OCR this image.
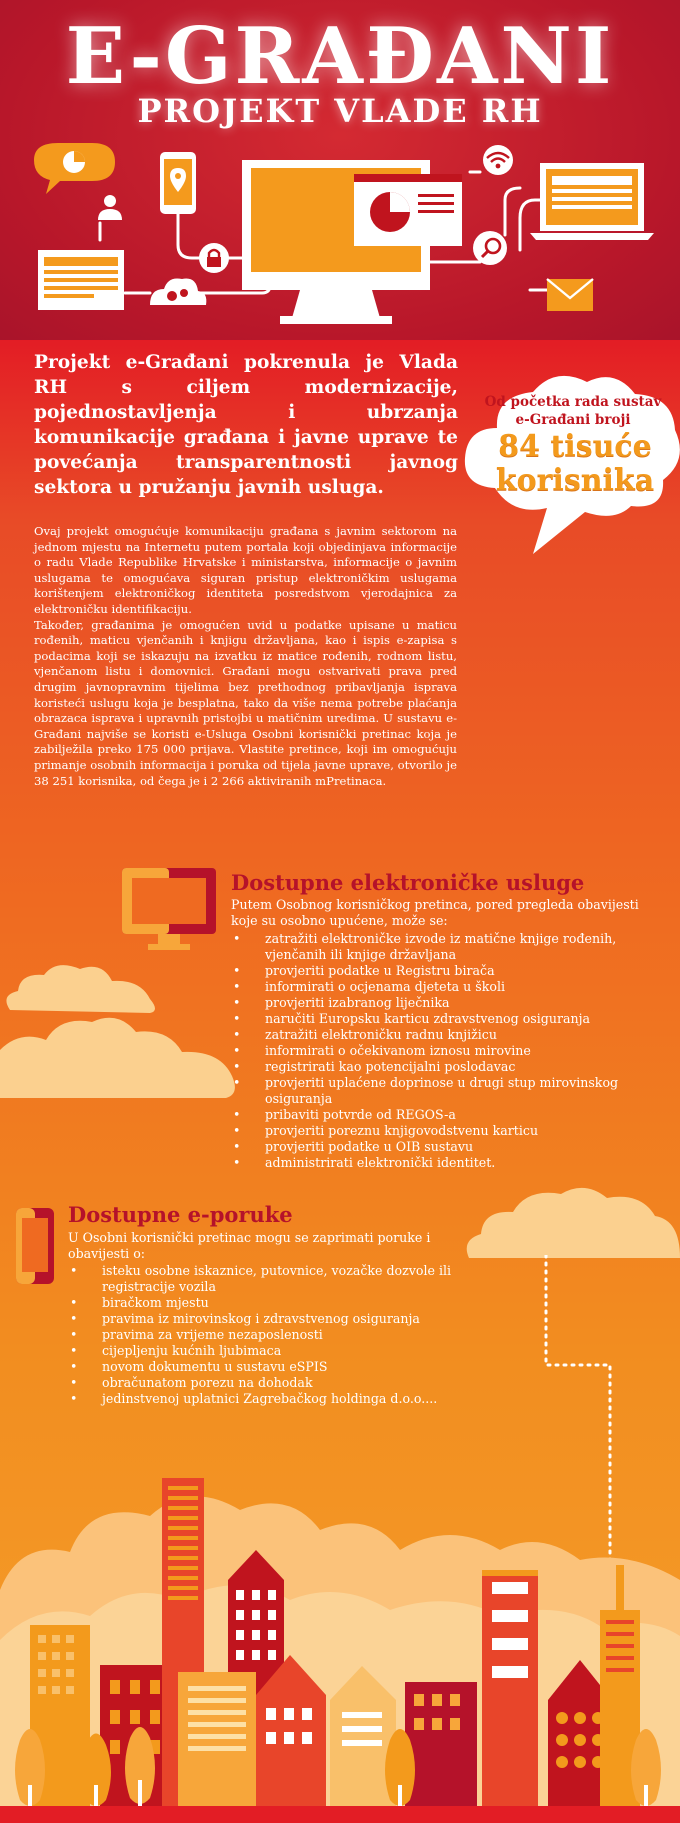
E-GRAĐANI
PROJEKT VLADE RH
Projekt e-Građani pokrenula je Vlada RH s ciljem modernizacije, pojednostavljenja i ubrzanja komunikacije građana i javne uprave te povećanja transparentnosti javnog sektora u pružanju javnih usluga.
Od početka rada sustav e-Građani broji
84 tisuće
korisnika

Ovaj projekt omogućuje komunikaciju građana s javnim sektorom na jednom mjestu na Internetu putem portala koji objedinjava informacije o radu Vlade Republike Hrvatske i ministarstva, informacije o javnim uslugama te omogućava siguran pristup elektroničkim uslugama korištenjem elektroničkog identiteta posredstvom vjerodajnica za elektroničku identifikaciju.

Također, građanima je omogućen uvid u podatke upisane u maticu rođenih, maticu vjenčanih i knjigu državljana, kao i ispis e-zapisa s podacima koji se iskazuju na izvatku iz matice rođenih, rodnom listu, vjenčanom listu i domovnici. Građani mogu ostvarivati prava pred drugim javnopravnim tijelima bez prethodnog pribavljanja isprava koristeći uslugu koja je besplatna, tako da više nema potrebe plaćanja obrazaca isprava i upravnih pristojbi u matičnim uredima. U sustavu e-Građani najviše se koristi e-Usluga Osobni korisnički pretinac koja je zabilježila preko 175 000 prijava. Vlastite pretince, koji im omogućuju primanje osobnih informacija i poruka od tijela javne uprave, otvorilo je 38 251 korisnika, od čega je i 2 266 aktiviranih mPretinaca.

Dostupne elektroničke usluge
Putem Osobnog korisničkog pretinca, pored pregleda obavijesti koje su osobno upućene, može se:
• zatražiti elektroničke izvode iz matične knjige rođenih, vjenčanih ili knjige državljana
• provjeriti podatke u Registru birača
• informirati o ocjenama djeteta u školi
• provjeriti izabranog liječnika
• naručiti Europsku karticu zdravstvenog osiguranja
• zatražiti elektroničku radnu knjižicu
• informirati o očekivanom iznosu mirovine
• registrirati kao potencijalni poslodavac
• provjeriti uplaćene doprinose u drugi stup mirovinskog osiguranja
• pribaviti potvrde od REGOS-a
• provjeriti poreznu knjigovodstvenu karticu
• provjeriti podatke u OIB sustavu
• administrirati elektronički identitet.
Dostupne e-poruke
U Osobni korisnički pretinac mogu se zaprimati poruke i obavijesti o:
• isteku osobne iskaznice, putovnice, vozačke dozvole ili registracije vozila
• biračkom mjestu
• pravima iz mirovinskog i zdravstvenog osiguranja
• pravima za vrijeme nezaposlenosti
• cijepljenju kućnih ljubimaca
• novom dokumentu u sustavu eSPIS
• obračunatom porezu na dohodak
• jedinstvenoj uplatnici Zagrebačkog holdinga d.o.o....
